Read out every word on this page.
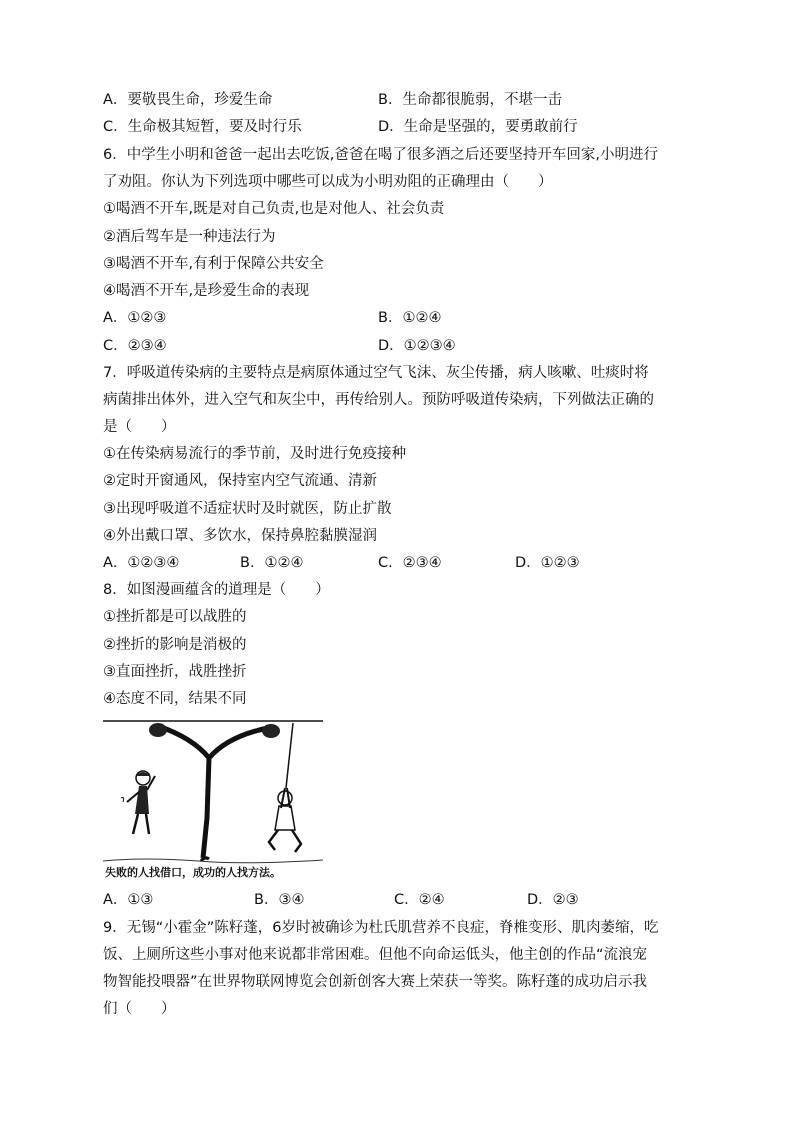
A．要敬畏生命，珍爱生命	B．生命都很脆弱，不堪一击
C．生命极其短暂，要及时行乐	D．生命是坚强的，要勇敢前行
6．中学生小明和爸爸一起出去吃饭,爸爸在喝了很多酒之后还要坚持开车回家,小明进行
了劝阻。你认为下列选项中哪些可以成为小明劝阻的正确理由（　　）
①喝酒不开车,既是对自己负责,也是对他人、社会负责
②酒后驾车是一种违法行为
③喝酒不开车,有利于保障公共安全
④喝酒不开车,是珍爱生命的表现
A．①②③	B．①②④
C．②③④	D．①②③④
7．呼吸道传染病的主要特点是病原体通过空气飞沫、灰尘传播，病人咳嗽、吐痰时将
病菌排出体外，进入空气和灰尘中，再传给别人。预防呼吸道传染病，下列做法正确的
是（　　）
①在传染病易流行的季节前，及时进行免疫接种
②定时开窗通风，保持室内空气流通、清新
③出现呼吸道不适症状时及时就医，防止扩散
④外出戴口罩、多饮水，保持鼻腔黏膜湿润
A．①②③④	B．①②④	C．②③④	D．①②③
8．如图漫画蕴含的道理是（　　）
①挫折都是可以战胜的
②挫折的影响是消极的
③直面挫折，战胜挫折
④态度不同，结果不同
失败的人找借口，成功的人找方法。
A．①③	B．③④	C．②④	D．②③
9．无锡“小霍金”陈籽蓬，6岁时被确诊为杜氏肌营养不良症，脊椎变形、肌肉萎缩，吃
饭、上厕所这些小事对他来说都非常困难。但他不向命运低头，他主创的作品“流浪宠
物智能投喂器”在世界物联网博览会创新创客大赛上荣获一等奖。陈籽蓬的成功启示我
们（　　）
